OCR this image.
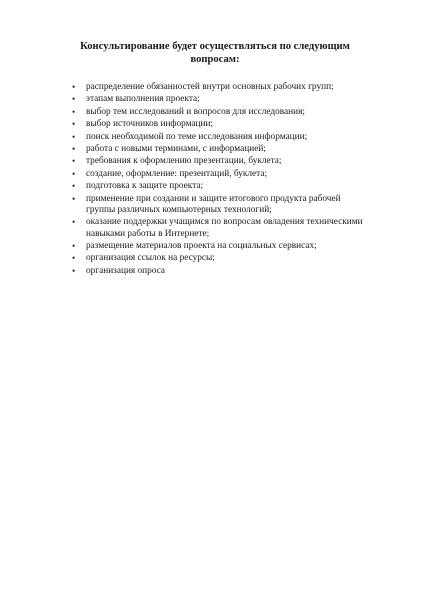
Консультирование будет осуществляться по следующим
вопросам:
• распределение обязанностей внутри основных рабочих групп;
• этапам выполнения проекта;
• выбор тем исследований и вопросов для исследования;
• выбор источников информации;
• поиск необходимой по теме исследования информации;
• работа с новыми терминами, с информацией;
• требования к оформлению презентации, буклета;
• создание, оформление: презентаций, буклета;
• подготовка к защите проекта;
• применение при создании и защите итогового продукта рабочей группы различных компьютерных технологий;
• оказание поддержки учащимся по вопросам овладения техническими навыками работы в Интернете;
• размещение материалов проекта на социальных сервисах;
• организация ссылок на ресурсы;
• организация опроса
